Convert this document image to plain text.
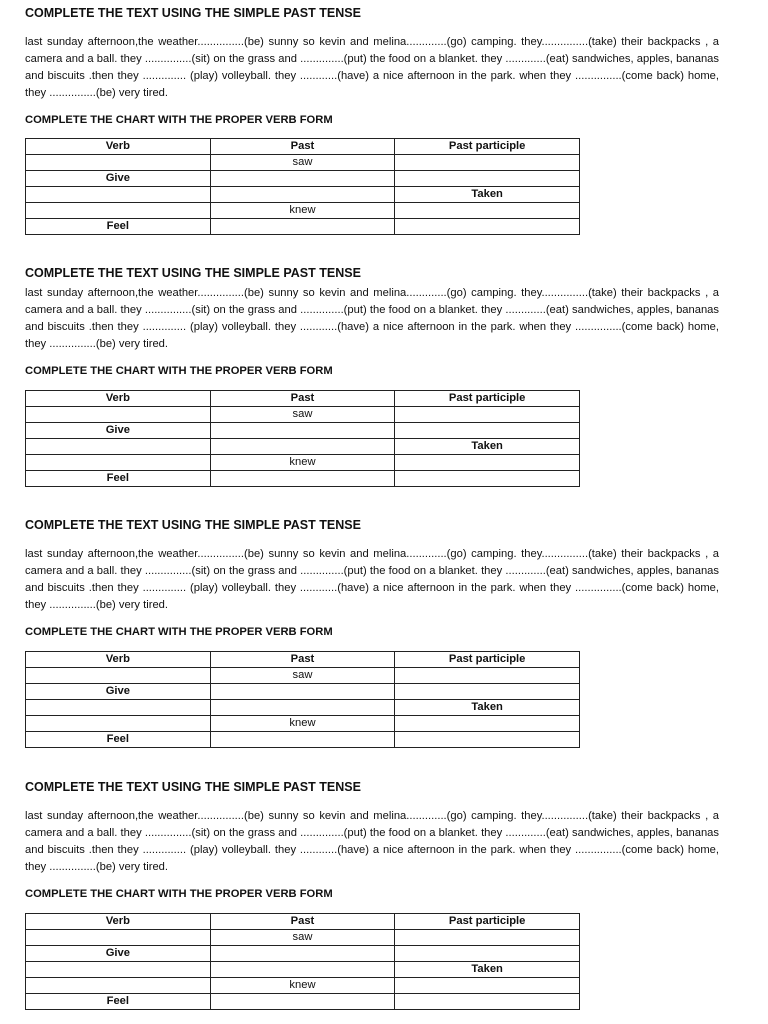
COMPLETE THE TEXT USING THE SIMPLE PAST TENSE
last sunday afternoon,the weather...............(be) sunny so kevin and melina.............(go) camping. they...............(take) their backpacks , a
camera and a ball. they ...............(sit) on the grass and ..............(put) the food on a blanket. they .............(eat) sandwiches, apples, bananas
and biscuits .then they .............. (play) volleyball. they ............(have) a nice afternoon in the park. when they ...............(come back) home,
they ...............(be) very tired.
COMPLETE THE CHART WITH THE PROPER VERB FORM
Verb	Past	Past participle
	saw	
Give		
		Taken
	knew	
Feel		
COMPLETE THE TEXT USING THE SIMPLE PAST TENSE
last sunday afternoon,the weather...............(be) sunny so kevin and melina.............(go) camping. they...............(take) their backpacks , a
camera and a ball. they ...............(sit) on the grass and ..............(put) the food on a blanket. they .............(eat) sandwiches, apples, bananas
and biscuits .then they .............. (play) volleyball. they ............(have) a nice afternoon in the park. when they ...............(come back) home,
they ...............(be) very tired.
COMPLETE THE CHART WITH THE PROPER VERB FORM
Verb	Past	Past participle
	saw	
Give		
		Taken
	knew	
Feel		
COMPLETE THE TEXT USING THE SIMPLE PAST TENSE
last sunday afternoon,the weather...............(be) sunny so kevin and melina.............(go) camping. they...............(take) their backpacks , a
camera and a ball. they ...............(sit) on the grass and ..............(put) the food on a blanket. they .............(eat) sandwiches, apples, bananas
and biscuits .then they .............. (play) volleyball. they ............(have) a nice afternoon in the park. when they ...............(come back) home,
they ...............(be) very tired.
COMPLETE THE CHART WITH THE PROPER VERB FORM
Verb	Past	Past participle
	saw	
Give		
		Taken
	knew	
Feel		
COMPLETE THE TEXT USING THE SIMPLE PAST TENSE
last sunday afternoon,the weather...............(be) sunny so kevin and melina.............(go) camping. they...............(take) their backpacks , a
camera and a ball. they ...............(sit) on the grass and ..............(put) the food on a blanket. they .............(eat) sandwiches, apples, bananas
and biscuits .then they .............. (play) volleyball. they ............(have) a nice afternoon in the park. when they ...............(come back) home,
they ...............(be) very tired.
COMPLETE THE CHART WITH THE PROPER VERB FORM
Verb	Past	Past participle
	saw	
Give		
		Taken
	knew	
Feel		
